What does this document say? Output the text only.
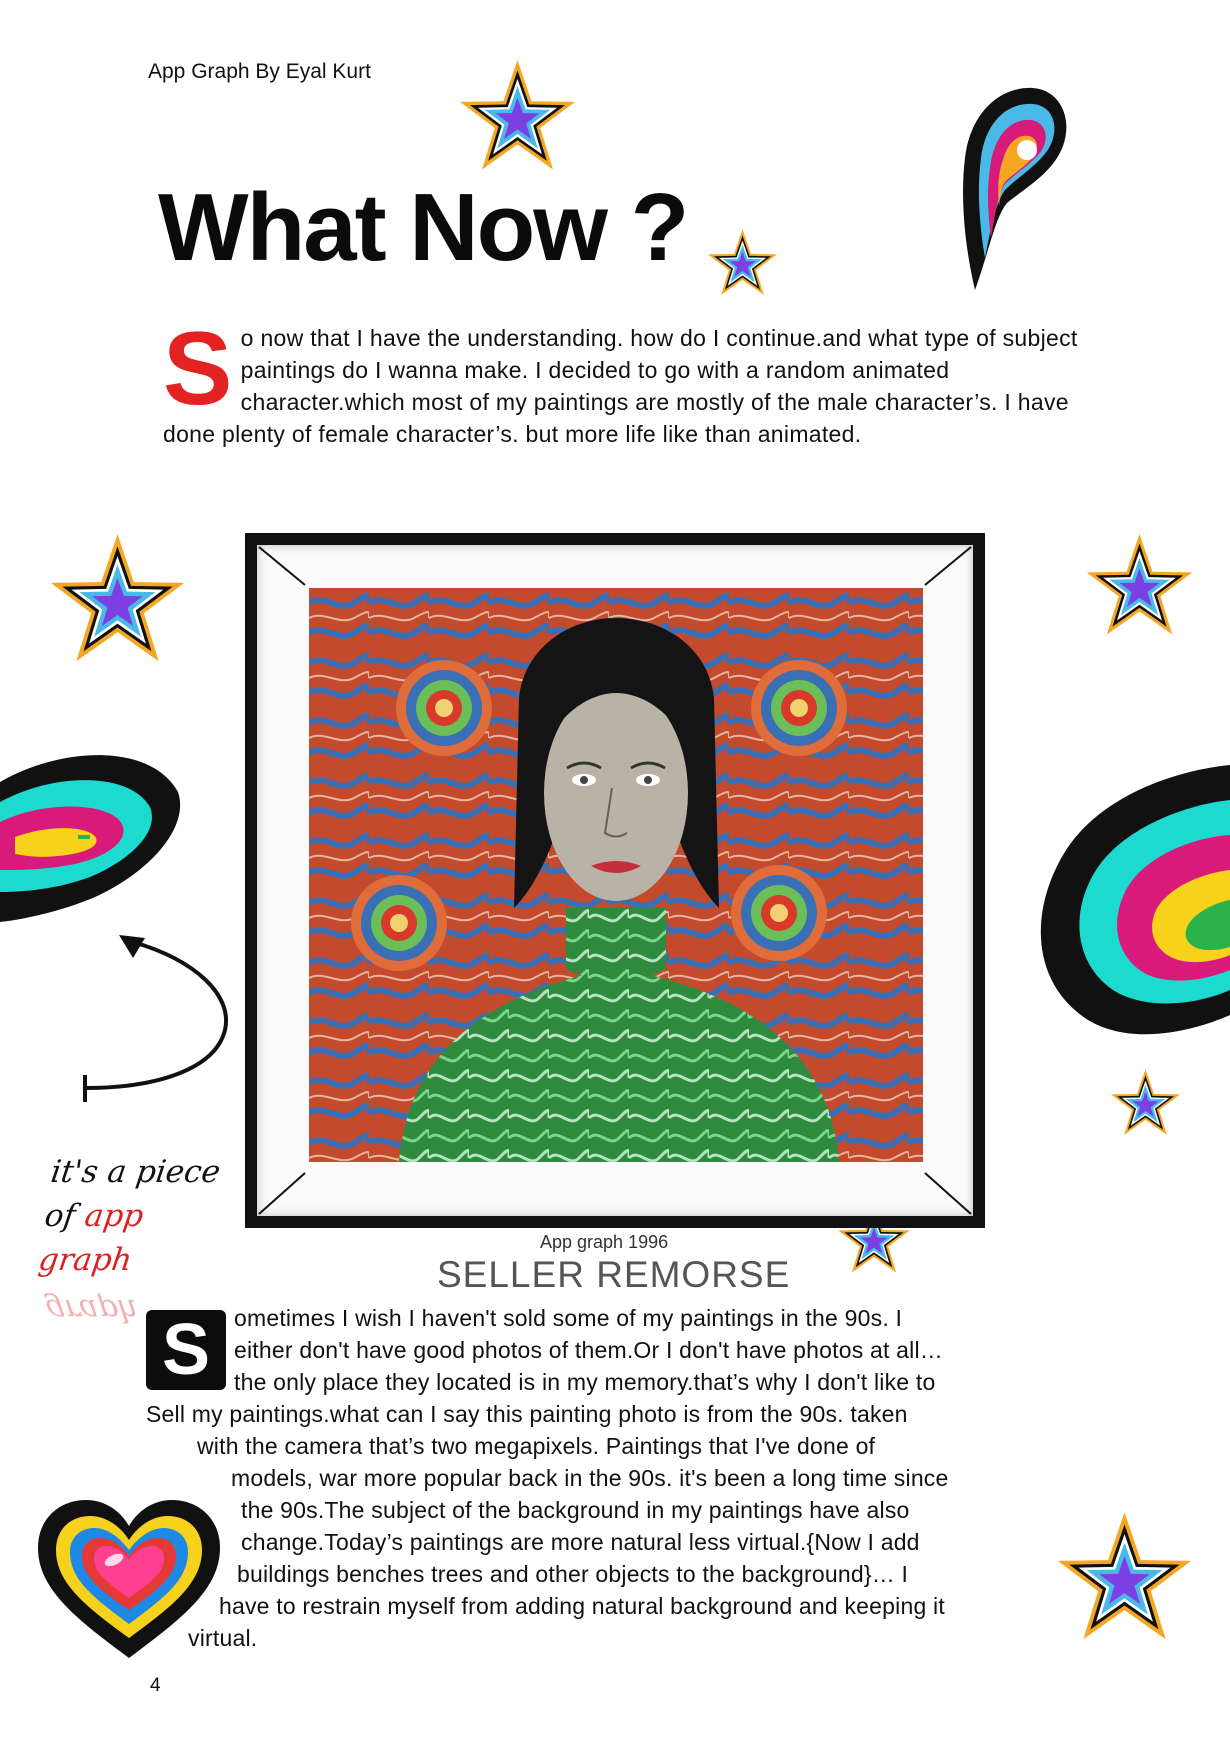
App Graph By Eyal Kurt
What Now ?
S o now that I have the understanding. how do I continue.and what type of subject paintings do I wanna make. I decided to go with a random animated character.which most of my paintings are mostly of the male character’s. I have done plenty of female character’s. but more life like than animated.
App graph 1996
SELLER REMORSE
it's a piece
of app
graph
graph S	ometimes I wish I haven't sold some of my paintings in the 90s. I
either don't have good photos of them.Or I don't have photos at all…
the only place they located is in my memory.that’s why I don't like to
Sell my paintings.what can I say this painting photo is from the 90s. taken
with the camera that’s two megapixels. Paintings that I've done of
models, war more popular back in the 90s. it's been a long time since
the 90s.The subject of the background in my paintings have also
change.Today’s paintings are more natural less virtual.{Now I add
buildings benches trees and other objects to the background}… I
have to restrain myself from adding natural background and keeping it
virtual.
4
